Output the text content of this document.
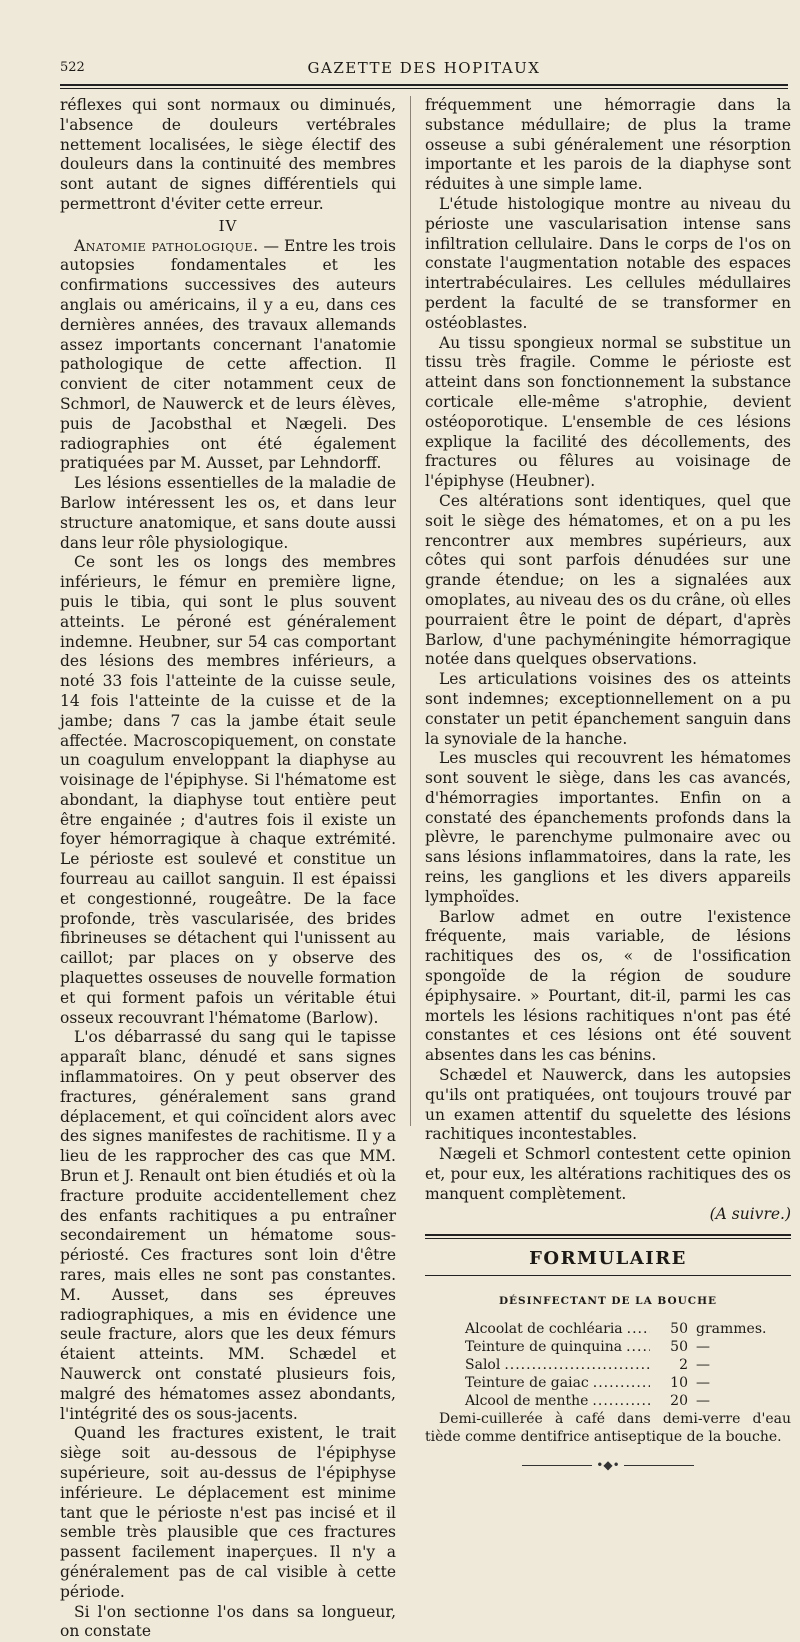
522	GAZETTE DES HOPITAUX

réflexes qui sont normaux ou diminués, l'absence de douleurs vertébrales nettement localisées, le siège électif des douleurs dans la continuité des membres sont autant de signes différentiels qui permettront d'éviter cette erreur.

IV

Anatomie pathologique. — Entre les trois autopsies fondamentales et les confirmations successives des auteurs anglais ou américains, il y a eu, dans ces dernières années, des travaux allemands assez importants concernant l'anatomie pathologique de cette affection. Il convient de citer notamment ceux de Schmorl, de Nauwerck et de leurs élèves, puis de Jacobsthal et Nægeli. Des radiographies ont été également pratiquées par M. Ausset, par Lehndorff.

Les lésions essentielles de la maladie de Barlow intéressent les os, et dans leur structure anatomique, et sans doute aussi dans leur rôle physiologique.

Ce sont les os longs des membres inférieurs, le fémur en première ligne, puis le tibia, qui sont le plus souvent atteints. Le péroné est généralement indemne. Heubner, sur 54 cas comportant des lésions des membres inférieurs, a noté 33 fois l'atteinte de la cuisse seule, 14 fois l'atteinte de la cuisse et de la jambe; dans 7 cas la jambe était seule affectée. Macroscopiquement, on constate un coagulum enveloppant la diaphyse au voisinage de l'épiphyse. Si l'hématome est abondant, la diaphyse tout entière peut être engainée ; d'autres fois il existe un foyer hémorragique à chaque extrémité. Le périoste est soulevé et constitue un fourreau au caillot sanguin. Il est épaissi et congestionné, rougeâtre. De la face profonde, très vascularisée, des brides fibrineuses se détachent qui l'unissent au caillot; par places on y observe des plaquettes osseuses de nouvelle formation et qui forment pafois un véritable étui osseux recouvrant l'hématome (Barlow).

L'os débarrassé du sang qui le tapisse apparaît blanc, dénudé et sans signes inflammatoires. On y peut observer des fractures, généralement sans grand déplacement, et qui coïncident alors avec des signes manifestes de rachitisme. Il y a lieu de les rapprocher des cas que MM. Brun et J. Renault ont bien étudiés et où la fracture produite accidentellement chez des enfants rachitiques a pu entraîner secondairement un hématome sous-périosté. Ces fractures sont loin d'être rares, mais elles ne sont pas constantes. M. Ausset, dans ses épreuves radiographiques, a mis en évidence une seule fracture, alors que les deux fémurs étaient atteints. MM. Schædel et Nauwerck ont constaté plusieurs fois, malgré des hématomes assez abondants, l'intégrité des os sous-jacents.

Quand les fractures existent, le trait siège soit au-dessous de l'épiphyse supérieure, soit au-dessus de l'épiphyse inférieure. Le déplacement est minime tant que le périoste n'est pas incisé et il semble très plausible que ces fractures passent facilement inaperçues. Il n'y a généralement pas de cal visible à cette période.

Si l'on sectionne l'os dans sa longueur, on constate

fréquemment une hémorragie dans la substance médullaire; de plus la trame osseuse a subi généralement une résorption importante et les parois de la diaphyse sont réduites à une simple lame.

L'étude histologique montre au niveau du périoste une vascularisation intense sans infiltration cellulaire. Dans le corps de l'os on constate l'augmentation notable des espaces intertrabéculaires. Les cellules médullaires perdent la faculté de se transformer en ostéoblastes.

Au tissu spongieux normal se substitue un tissu très fragile. Comme le périoste est atteint dans son fonctionnement la substance corticale elle-même s'atrophie, devient ostéoporotique. L'ensemble de ces lésions explique la facilité des décollements, des fractures ou fêlures au voisinage de l'épiphyse (Heubner).

Ces altérations sont identiques, quel que soit le siège des hématomes, et on a pu les rencontrer aux membres supérieurs, aux côtes qui sont parfois dénudées sur une grande étendue; on les a signalées aux omoplates, au niveau des os du crâne, où elles pourraient être le point de départ, d'après Barlow, d'une pachyméningite hémorragique notée dans quelques observations.

Les articulations voisines des os atteints sont indemnes; exceptionnellement on a pu constater un petit épanchement sanguin dans la synoviale de la hanche.

Les muscles qui recouvrent les hématomes sont souvent le siège, dans les cas avancés, d'hémorragies importantes. Enfin on a constaté des épanchements profonds dans la plèvre, le parenchyme pulmonaire avec ou sans lésions inflammatoires, dans la rate, les reins, les ganglions et les divers appareils lymphoïdes.

Barlow admet en outre l'existence fréquente, mais variable, de lésions rachitiques des os, « de l'ossification spongoïde de la région de soudure épiphysaire. » Pourtant, dit-il, parmi les cas mortels les lésions rachitiques n'ont pas été constantes et ces lésions ont été souvent absentes dans les cas bénins.

Schædel et Nauwerck, dans les autopsies qu'ils ont pratiquées, ont toujours trouvé par un examen attentif du squelette des lésions rachitiques incontestables.

Nægeli et Schmorl contestent cette opinion et, pour eux, les altérations rachitiques des os manquent complètement.

(A suivre.)
FORMULAIRE
DÉSINFECTANT DE LA BOUCHE
Alcoolat de cochléaria .....	50 grammes.
Teinture de quinquina .....	50 —
Salol .....	2 —
Teinture de gaiac .....	10 —
Alcool de menthe .....	20 —

Demi-cuillerée à café dans demi-verre d'eau tiède comme dentifrice antiseptique de la bouche.

•◆•
